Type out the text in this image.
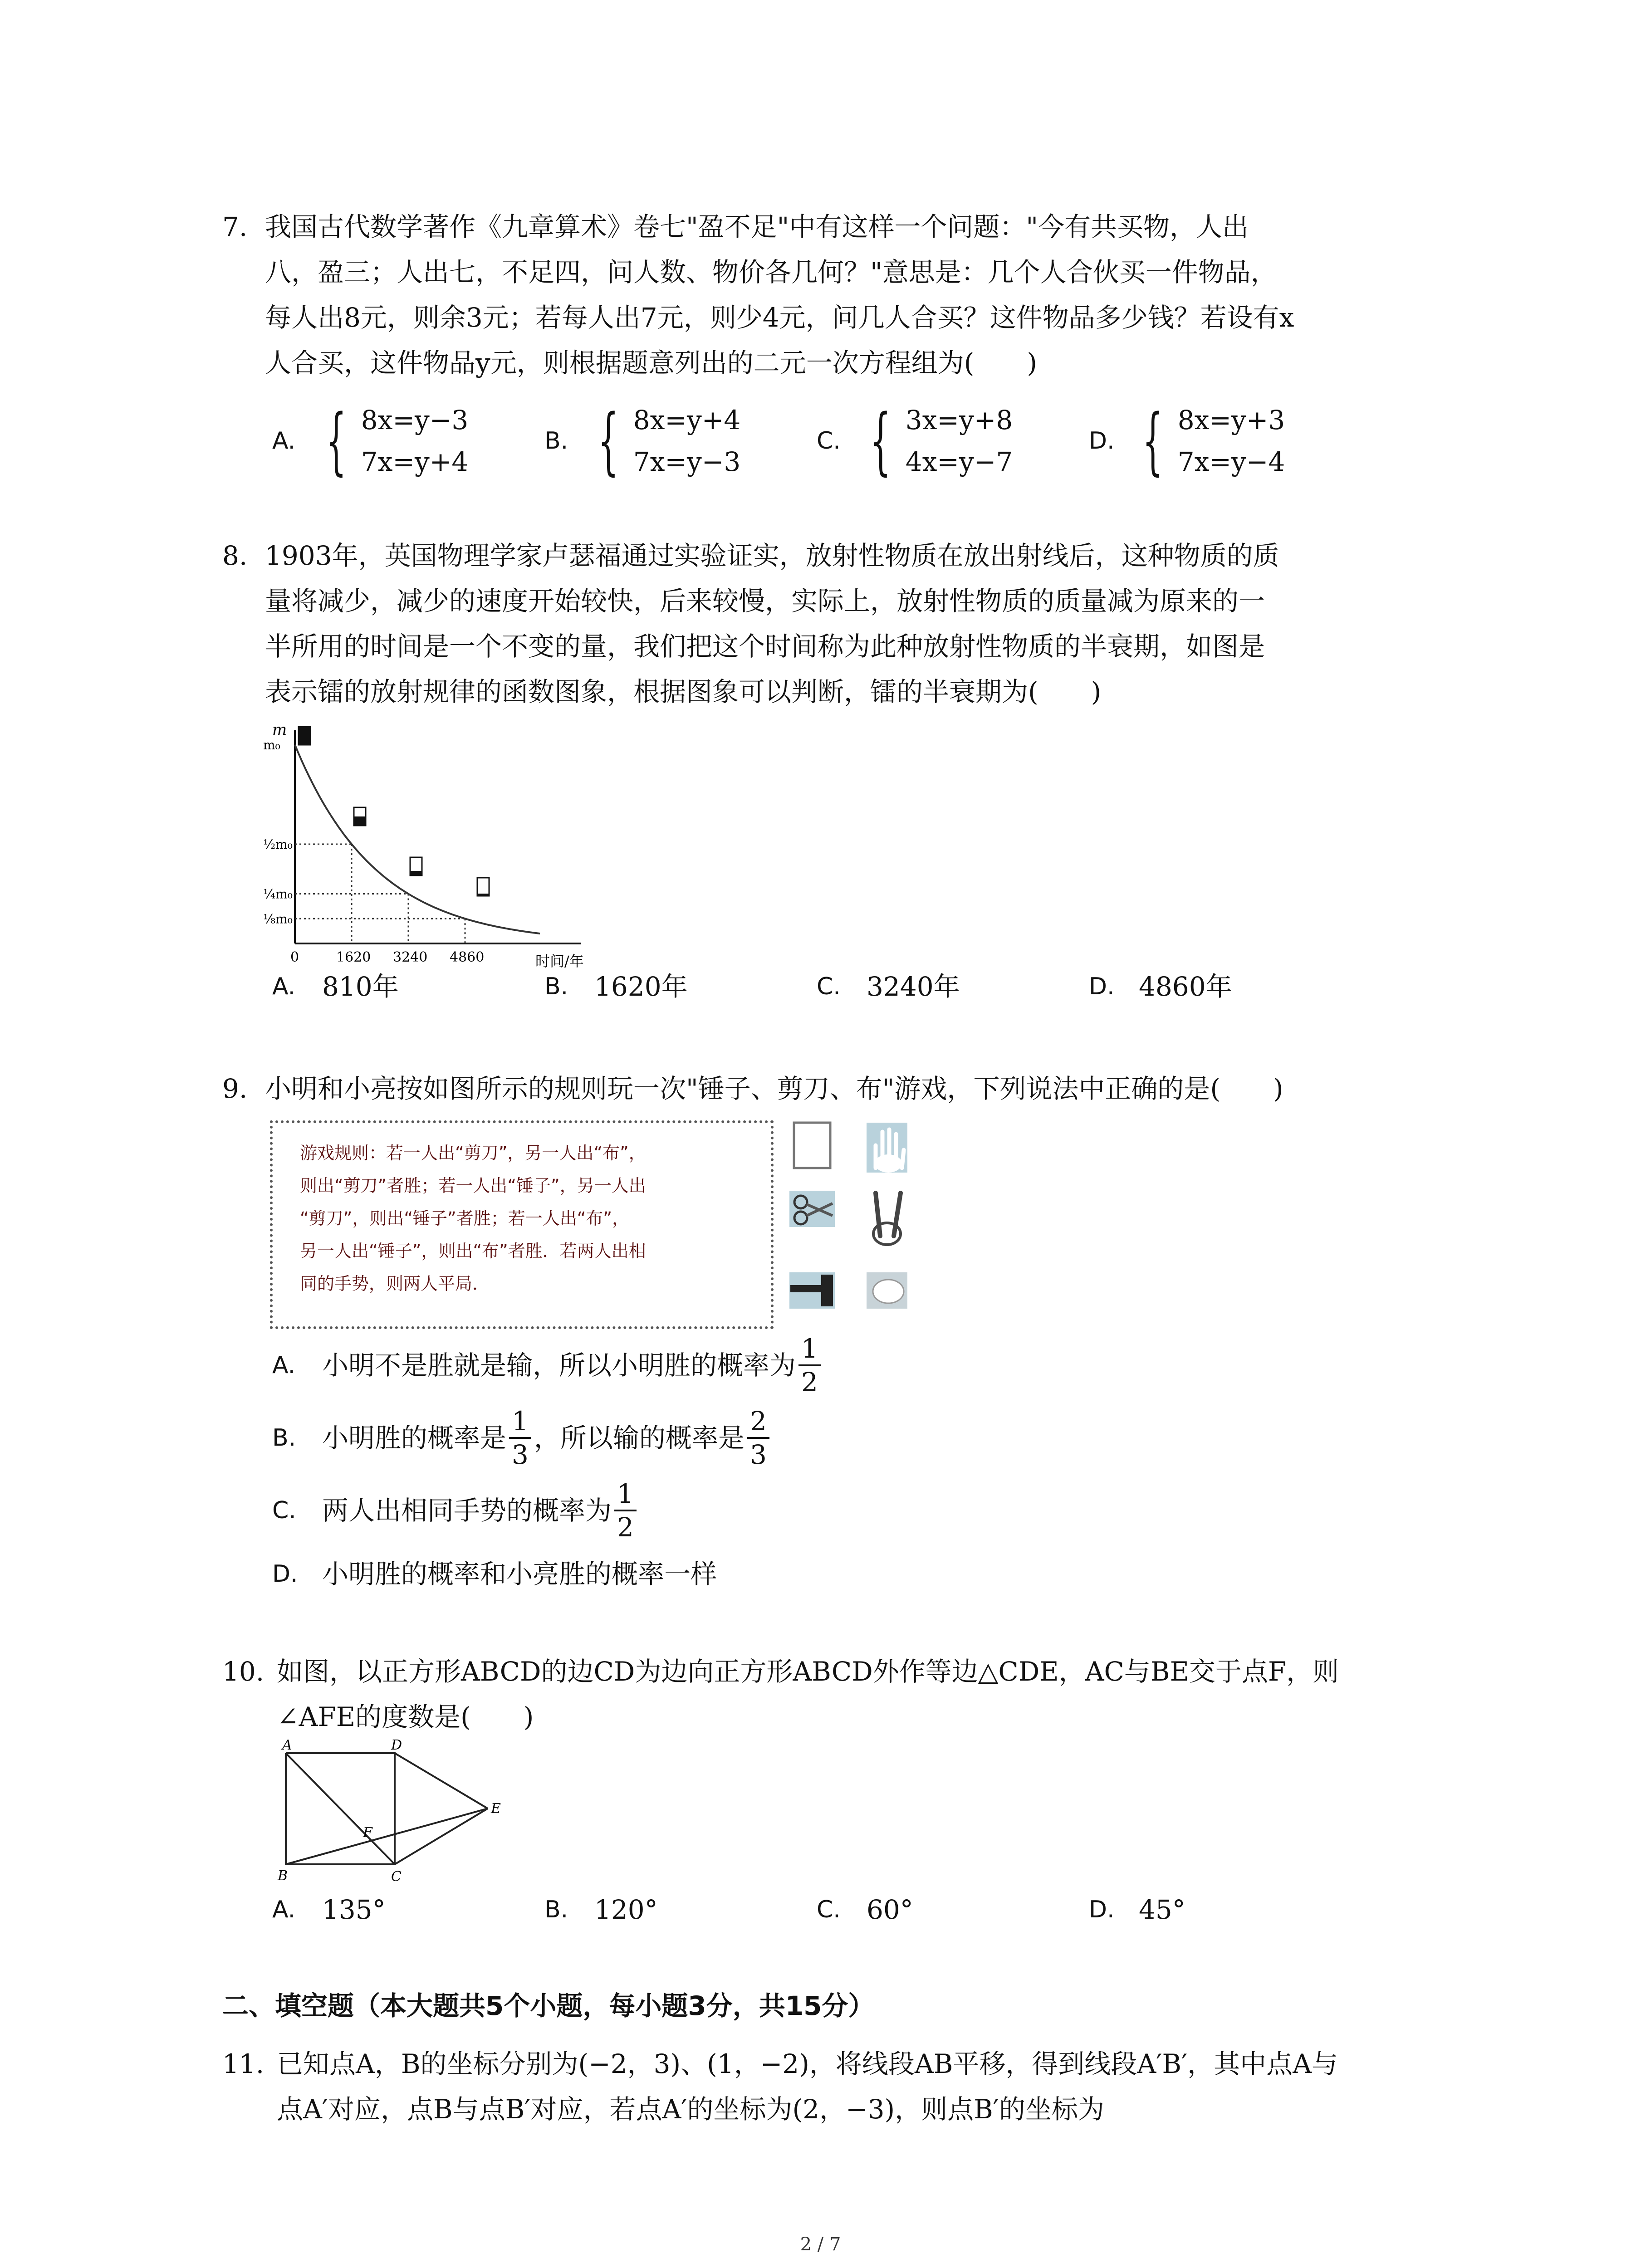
7. 我国古代数学著作《九章算术》卷七"盈不足"中有这样一个问题："今有共买物，人出

八，盈三；人出七，不足四，问人数、物价各几何？"意思是：几个人合伙买一件物品，

每人出8元，则余3元；若每人出7元，则少4元，问几人合买？这件物品多少钱？若设有x

人合买，这件物品y元，则根据题意列出的二元一次方程组为(　　)

A. { 8x=y−3
7x=y+4
B. { 8x=y+4
7x=y−3
C. { 3x=y+8
4x=y−7
D. { 8x=y+3
7x=y−4
8. 1903年，英国物理学家卢瑟福通过实验证实，放射性物质在放出射线后，这种物质的质

量将减少，减少的速度开始较快，后来较慢，实际上，放射性物质的质量减为原来的一

半所用的时间是一个不变的量，我们把这个时间称为此种放射性物质的半衰期，如图是

表示镭的放射规律的函数图象，根据图象可以判断，镭的半衰期为(　　)

m
时间/年
0	1620 3240 4860
m₀
½m₀
¼m₀
⅛m₀
A.	810年	B. 1620年	C. 3240年	D. 4860年
9. 小明和小亮按如图所示的规则玩一次"锤子、剪刀、布"游戏，下列说法中正确的是(　　)

游戏规则：若一人出“剪刀”，另一人出“布”，
则出“剪刀”者胜；若一人出“锤子”，另一人出
“剪刀”，则出“锤子”者胜；若一人出“布”，
另一人出“锤子”，则出“布”者胜．若两人出相
同的手势，则两人平局．
A.	小明不是胜就是输，所以小明胜的概率为 $\frac{1}{2}$
B. 小明胜的概率是 $\frac{1}{3}$ ，所以输的概率是 $\frac{2}{3}$
C. 两人出相同手势的概率为 $\frac{1}{2}$
D. 小明胜的概率和小亮胜的概率一样
10. 如图，以正方形ABCD的边CD为边向正方形ABCD外作等边△CDE，AC与BE交于点F，则

∠AFE的度数是(　　)

A	D
E
F
B	C
A.	135°	B. 120°	C. 60°	D. 45°
二、填空题（本大题共5个小题，每小题3分，共15分）
11. 已知点A，B的坐标分别为(−2，3)、(1，−2)，将线段AB平移，得到线段A′B′，其中点A与

点A′对应，点B与点B′对应，若点A′的坐标为(2，−3)，则点B′的坐标为

2 / 7
